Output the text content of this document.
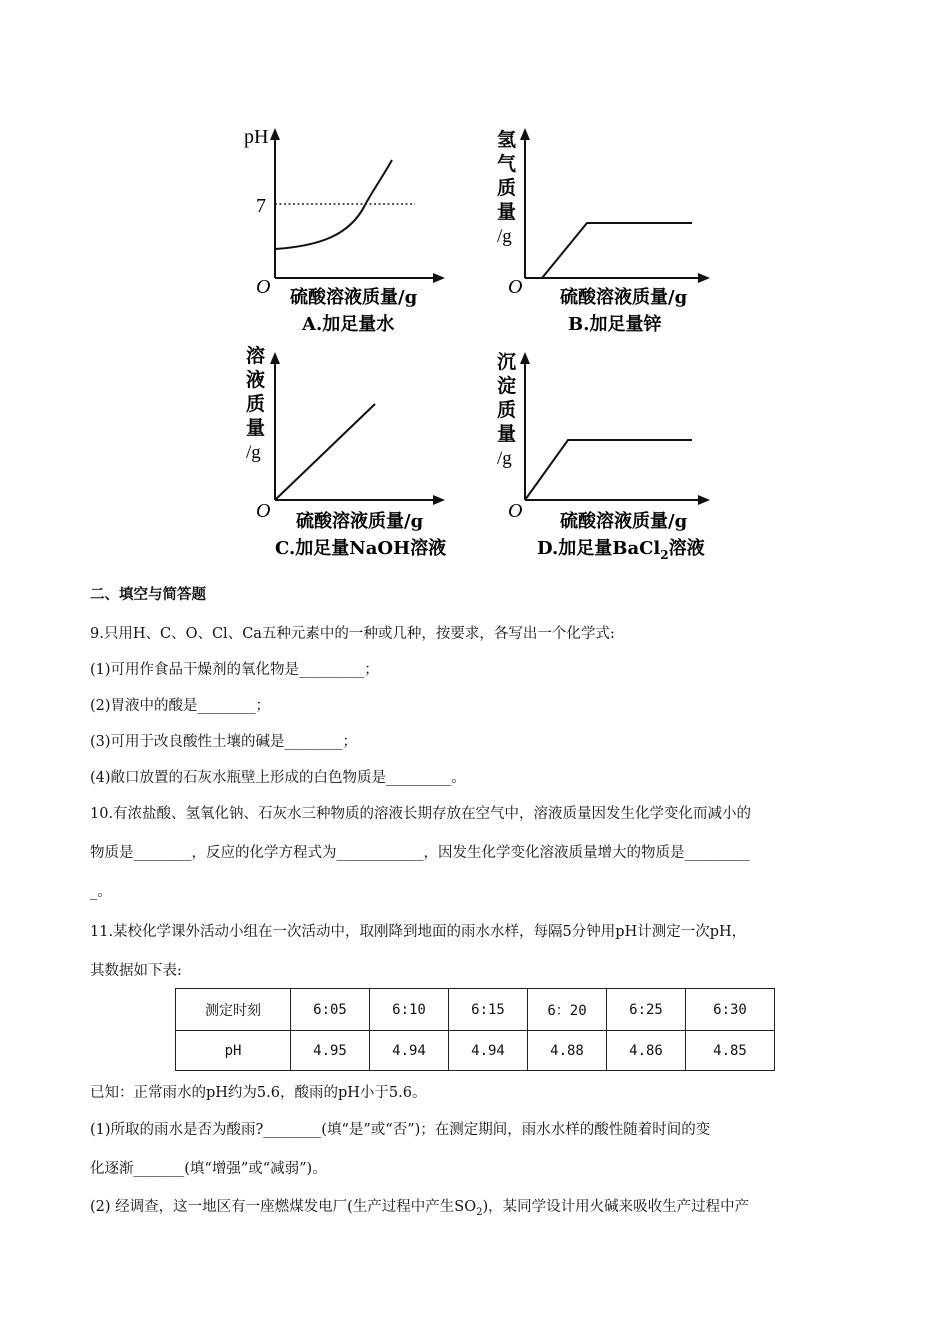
pH
7
O 硫酸溶液质量/g
A.加足量水
氢
气
质
量
/g
O 硫酸溶液质量/g
B.加足量锌
溶
液
质
量
/g
O 硫酸溶液质量/g
C.加足量NaOH溶液
沉
淀
质
量
/g
O 硫酸溶液质量/g
D.加足量BaCl$_2$溶液
二、填空与简答题
9.只用H、C、O、Cl、Ca五种元素中的一种或几种，按要求，各写出一个化学式:
(1)可用作食品干燥剂的氧化物是_________；
(2)胃液中的酸是________；
(3)可用于改良酸性土壤的碱是________；
(4)敞口放置的石灰水瓶壁上形成的白色物质是_________。
10.有浓盐酸、氢氧化钠、石灰水三种物质的溶液长期存放在空气中，溶液质量因发生化学变化而减小的
物质是________，反应的化学方程式为____________，因发生化学变化溶液质量增大的物质是_________
_。
11.某校化学课外活动小组在一次活动中，取刚降到地面的雨水水样，每隔5分钟用pH计测定一次pH，
其数据如下表:
测定时刻	6:05	6:10	6:15	6：20	6:25	6:30
pH	4.95	4.94	4.94	4.88	4.86	4.85
已知：正常雨水的pH约为5.6，酸雨的pH小于5.6。
(1)所取的雨水是否为酸雨?________(填“是”或“否”)；在测定期间，雨水水样的酸性随着时间的变
化逐渐_______(填“增强”或“减弱”)。
(2) 经调查，这一地区有一座燃煤发电厂(生产过程中产生$SO_2$)，某同学设计用火碱来吸收生产过程中产
